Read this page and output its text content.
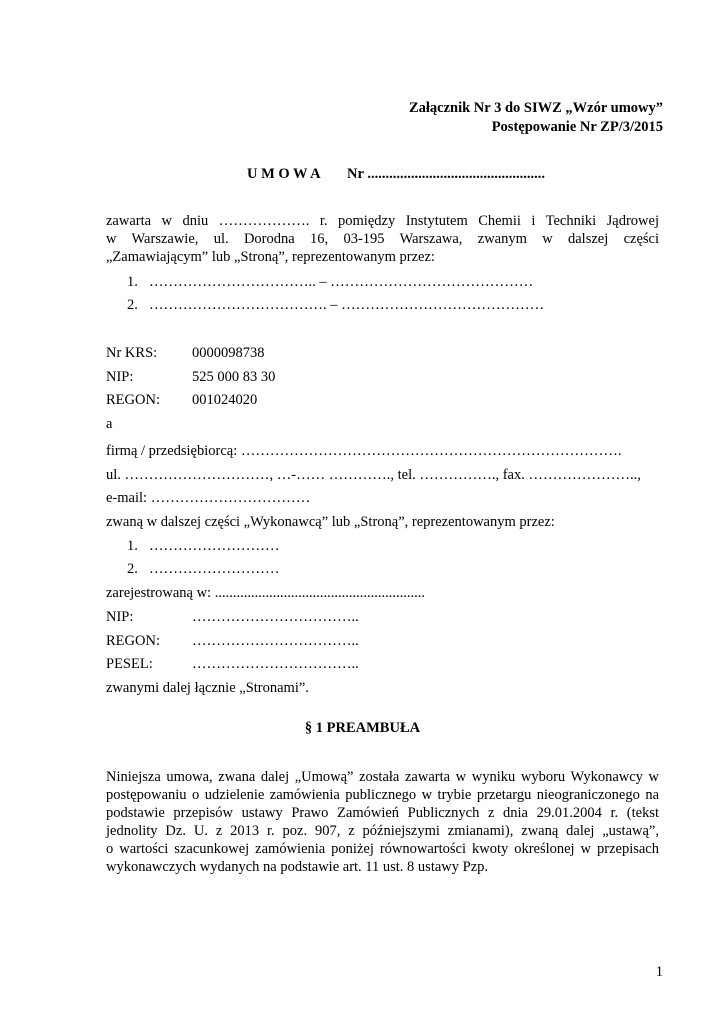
Załącznik Nr 3 do SIWZ „Wzór umowy”
Postępowanie Nr ZP/3/2015
U M O W A Nr .................................................
zawarta w dniu ………………. r. pomiędzy Instytutem Chemii i Techniki Jądrowej
w Warszawie, ul. Dorodna 16, 03-195 Warszawa, zwanym w dalszej części
„Zamawiającym” lub „Stroną”, reprezentowanym przez:
1. …………………………….. – ……………………………………
2. ………………………………. – ……………………………………
Nr KRS: 0000098738
NIP:	525 000 83 30
REGON: 001024020
a
firmą / przedsiębiorcą: …………………………………………………………………….
ul. …………………………, …-…… …………., tel. ……………., fax. …………………..,
e-mail: ……………………………
zwaną w dalszej części „Wykonawcą” lub „Stroną”, reprezentowanym przez:
1. ………………………
2. ………………………
zarejestrowaną w: ..........................................................
NIP:	……………………………..
REGON: ……………………………..
PESEL:	……………………………..
zwanymi dalej łącznie „Stronami”.
§ 1 PREAMBUŁA
Niniejsza umowa, zwana dalej „Umową” została zawarta w wyniku wyboru Wykonawcy w
postępowaniu o udzielenie zamówienia publicznego w trybie przetargu nieograniczonego na
podstawie przepisów ustawy Prawo Zamówień Publicznych z dnia 29.01.2004 r. (tekst
jednolity Dz. U. z 2013 r. poz. 907, z późniejszymi zmianami), zwaną dalej „ustawą”,
o wartości szacunkowej zamówienia poniżej równowartości kwoty określonej w przepisach
wykonawczych wydanych na podstawie art. 11 ust. 8 ustawy Pzp.
1
